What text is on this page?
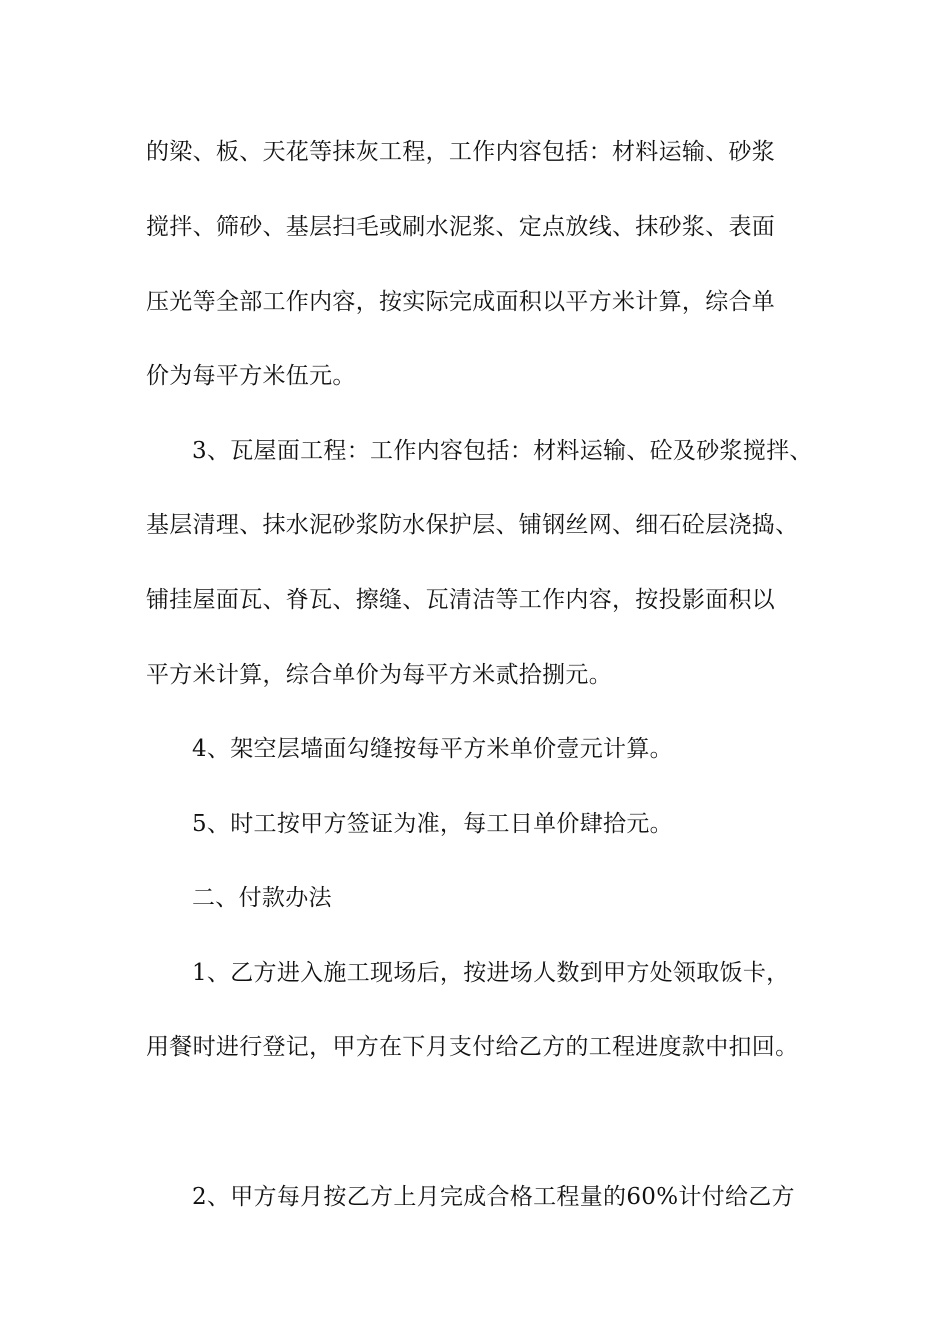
的梁、板、天花等抹灰工程，工作内容包括：材料运输、砂浆
搅拌、筛砂、基层扫毛或刷水泥浆、定点放线、抹砂浆、表面
压光等全部工作内容，按实际完成面积以平方米计算，综合单
价为每平方米伍元。
3、瓦屋面工程：工作内容包括：材料运输、砼及砂浆搅拌、
基层清理、抹水泥砂浆防水保护层、铺钢丝网、细石砼层浇捣、
铺挂屋面瓦、脊瓦、擦缝、瓦清洁等工作内容，按投影面积以
平方米计算，综合单价为每平方米贰拾捌元。
4、架空层墙面勾缝按每平方米单价壹元计算。
5、时工按甲方签证为准，每工日单价肆拾元。
二、付款办法
1、乙方进入施工现场后，按进场人数到甲方处领取饭卡，
用餐时进行登记，甲方在下月支付给乙方的工程进度款中扣回。
2、甲方每月按乙方上月完成合格工程量的60%计付给乙方
